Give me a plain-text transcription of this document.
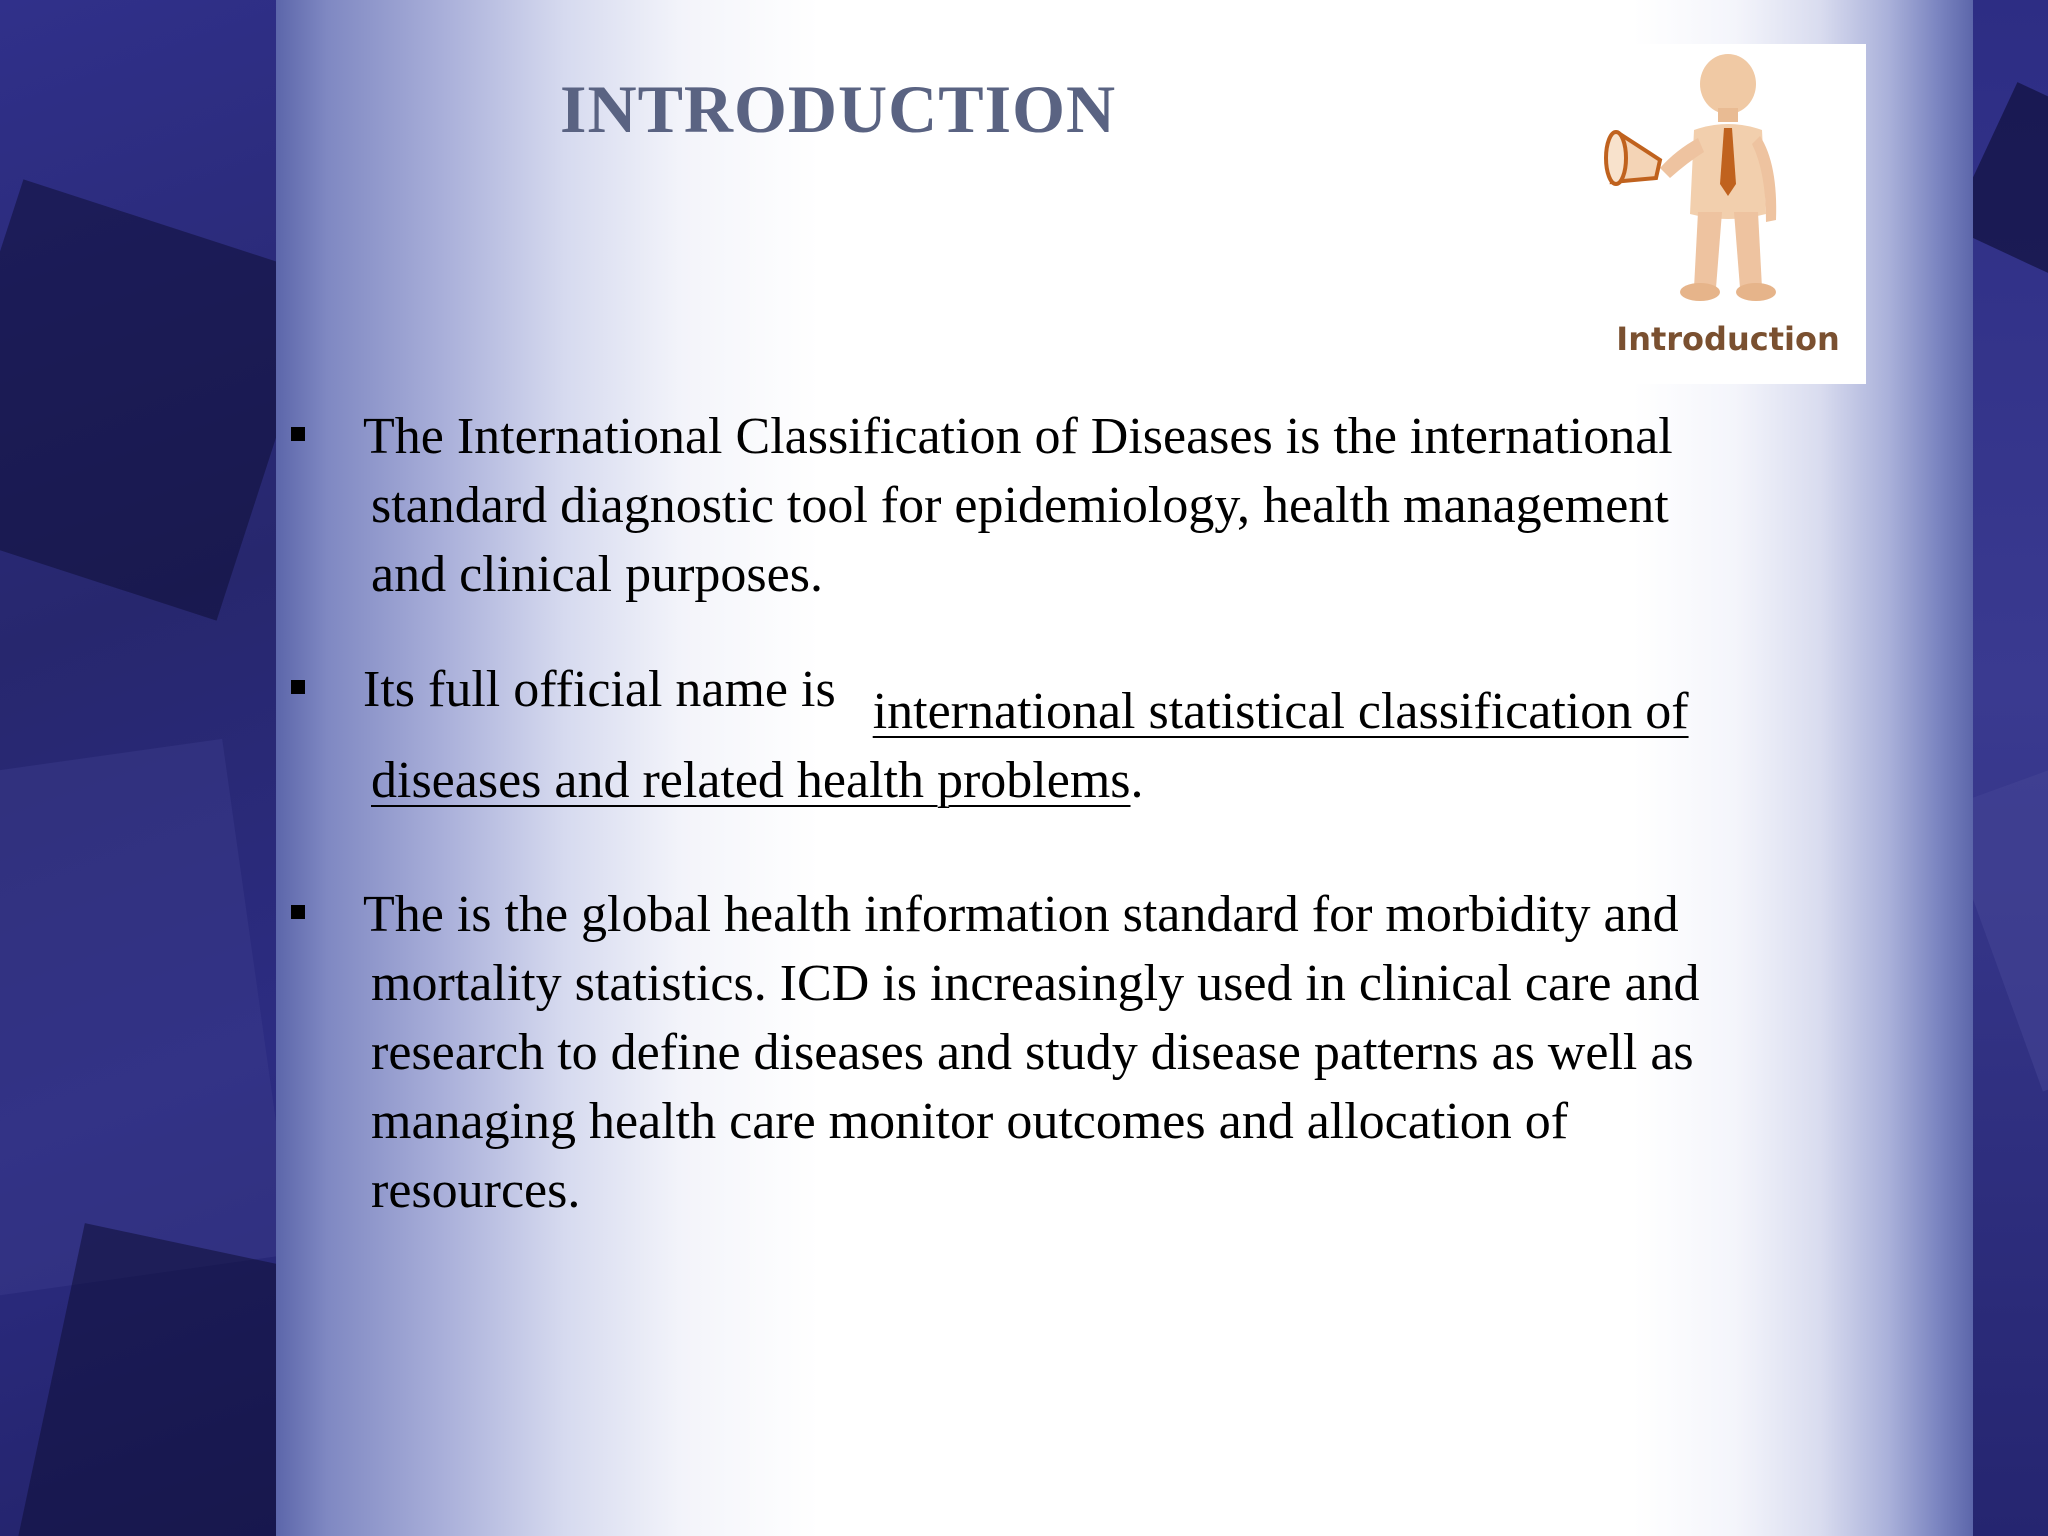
INTRODUCTION
Introduction

The International Classification of Diseases is the international
standard diagnostic tool for epidemiology, health management
and clinical purposes.

Its full official name is international statistical classification of
diseases and related health problems.

The is the global health information standard for morbidity and
mortality statistics. ICD is increasingly used in clinical care and
research to define diseases and study disease patterns as well as
managing health care monitor outcomes and allocation of
resources.
